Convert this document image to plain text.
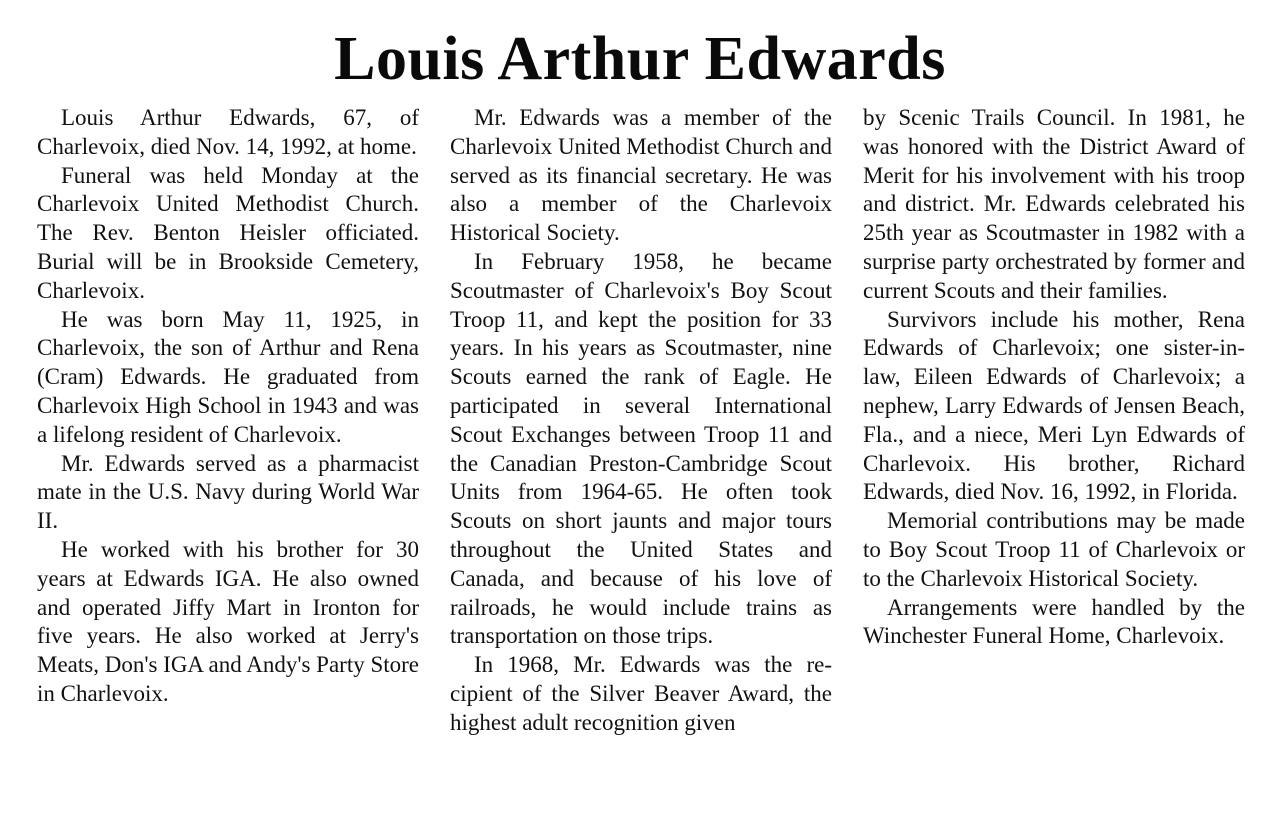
Louis Arthur Edwards

Louis Arthur Edwards, 67, of Charlevoix, died Nov. 14, 1992, at home.

Funeral was held Monday at the Charlevoix United Methodist Church. The Rev. Benton Heisler officiated. Burial will be in Brookside Cemetery, Charlevoix.

He was born May 11, 1925, in Charlevoix, the son of Arthur and Rena (Cram) Edwards. He graduated from Charlevoix High School in 1943 and was a lifelong resident of Charlevoix.

Mr. Edwards served as a pharmacist mate in the U.S. Navy during World War II.

He worked with his brother for 30 years at Edwards IGA. He also owned and operated Jiffy Mart in Ironton for five years. He also worked at Jerry's Meats, Don's IGA and Andy's Party Store in Charlevoix.

Mr. Edwards was a member of the Charlevoix United Methodist Church and served as its financial secretary. He was also a member of the Charlevoix Historical Society.

In February 1958, he became Scoutmaster of Charlevoix's Boy Scout Troop 11, and kept the position for 33 years. In his years as Scoutmaster, nine Scouts earned the rank of Eagle. He participated in several International Scout Exchanges between Troop 11 and the Canadian Preston-Cambridge Scout Units from 1964-65. He often took Scouts on short jaunts and major tours throughout the United States and Canada, and because of his love of railroads, he would include trains as transportation on those trips.

In 1968, Mr. Edwards was the recipient of the Silver Beaver Award, the highest adult recognition given

by Scenic Trails Council. In 1981, he was honored with the District Award of Merit for his involvement with his troop and district. Mr. Edwards celebrated his 25th year as Scoutmaster in 1982 with a surprise party orchestrated by former and current Scouts and their families.

Survivors include his mother, Rena Edwards of Charlevoix; one sister-in-law, Eileen Edwards of Charlevoix; a nephew, Larry Edwards of Jensen Beach, Fla., and a niece, Meri Lyn Edwards of Charlevoix. His brother, Richard Edwards, died Nov. 16, 1992, in Florida.

Memorial contributions may be made to Boy Scout Troop 11 of Charlevoix or to the Charlevoix Historical Society.

Arrangements were handled by the Winchester Funeral Home, Charlevoix.
